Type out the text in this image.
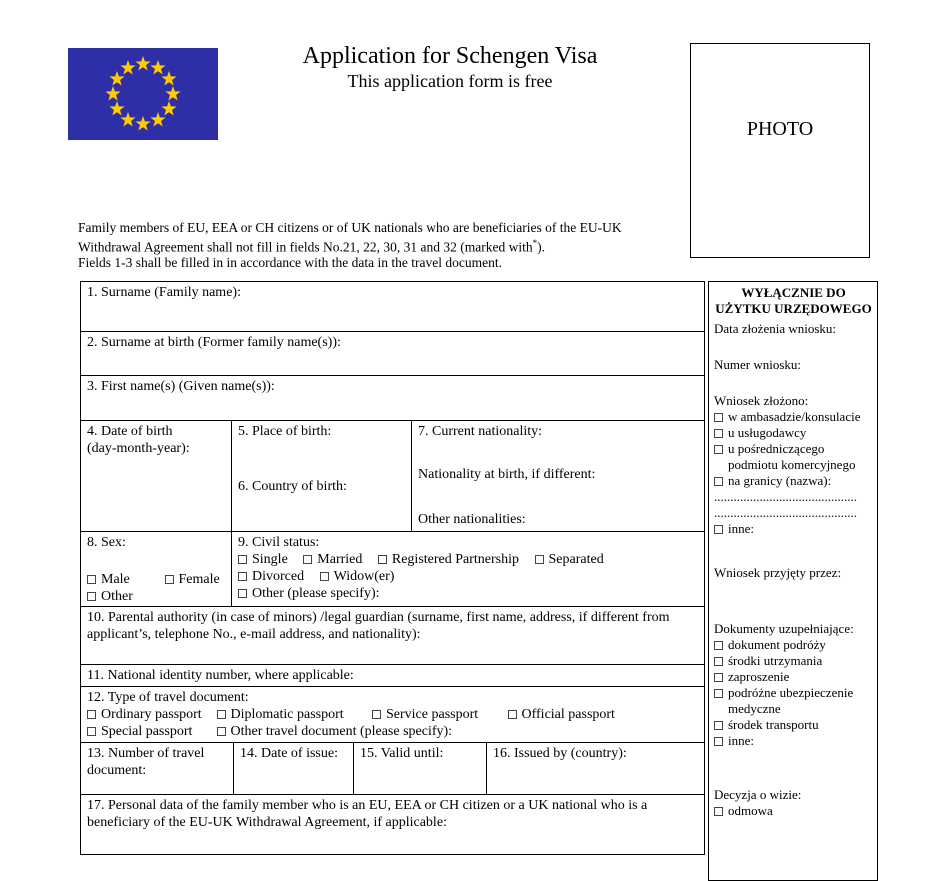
Application for Schengen Visa
This application form is free
PHOTO
Family members of EU, EEA or CH citizens or of UK nationals who are beneficiaries of the EU-UK
Withdrawal Agreement shall not fill in fields No.21, 22, 30, 31 and 32 (marked with*).
Fields 1-3 shall be filled in in accordance with the data in the travel document.
1. Surname (Family name):
2. Surname at birth (Former family name(s)):
3. First name(s) (Given name(s)):
4. Date of birth
(day-month-year):
5. Place of birth:
6. Country of birth:
7. Current nationality:
Nationality at birth, if different:
Other nationalities:
8. Sex:
Male	Female
Other
9. Civil status:
Single Married Registered Partnership Separated
Divorced Widow(er)
Other (please specify):
10. Parental authority (in case of minors) /legal guardian (surname, first name, address, if different from applicant’s, telephone No., e-mail address, and nationality):
11. National identity number, where applicable:
12. Type of travel document:
Ordinary passport Diplomatic passport	Service passport	Official passport
Special passport	Other travel document (please specify):
13. Number of travel document:
14. Date of issue:	15. Valid until:	16. Issued by (country):
17. Personal data of the family member who is an EU, EEA or CH citizen or a UK national who is a beneficiary of the EU-UK Withdrawal Agreement, if applicable:
WYŁĄCZNIE DO
UŻYTKU URZĘDOWEGO
Data złożenia wniosku:
Numer wniosku:
Wniosek złożono:
w ambasadzie/konsulacie
u usługodawcy
u pośredniczącego podmiotu komercyjnego
na granicy (nazwa):
............................................
............................................
inne:
Wniosek przyjęty przez:
Dokumenty uzupełniające:
dokument podróży
środki utrzymania
zaproszenie
podróżne ubezpieczenie medyczne
środek transportu
inne:
Decyzja o wizie:
odmowa
